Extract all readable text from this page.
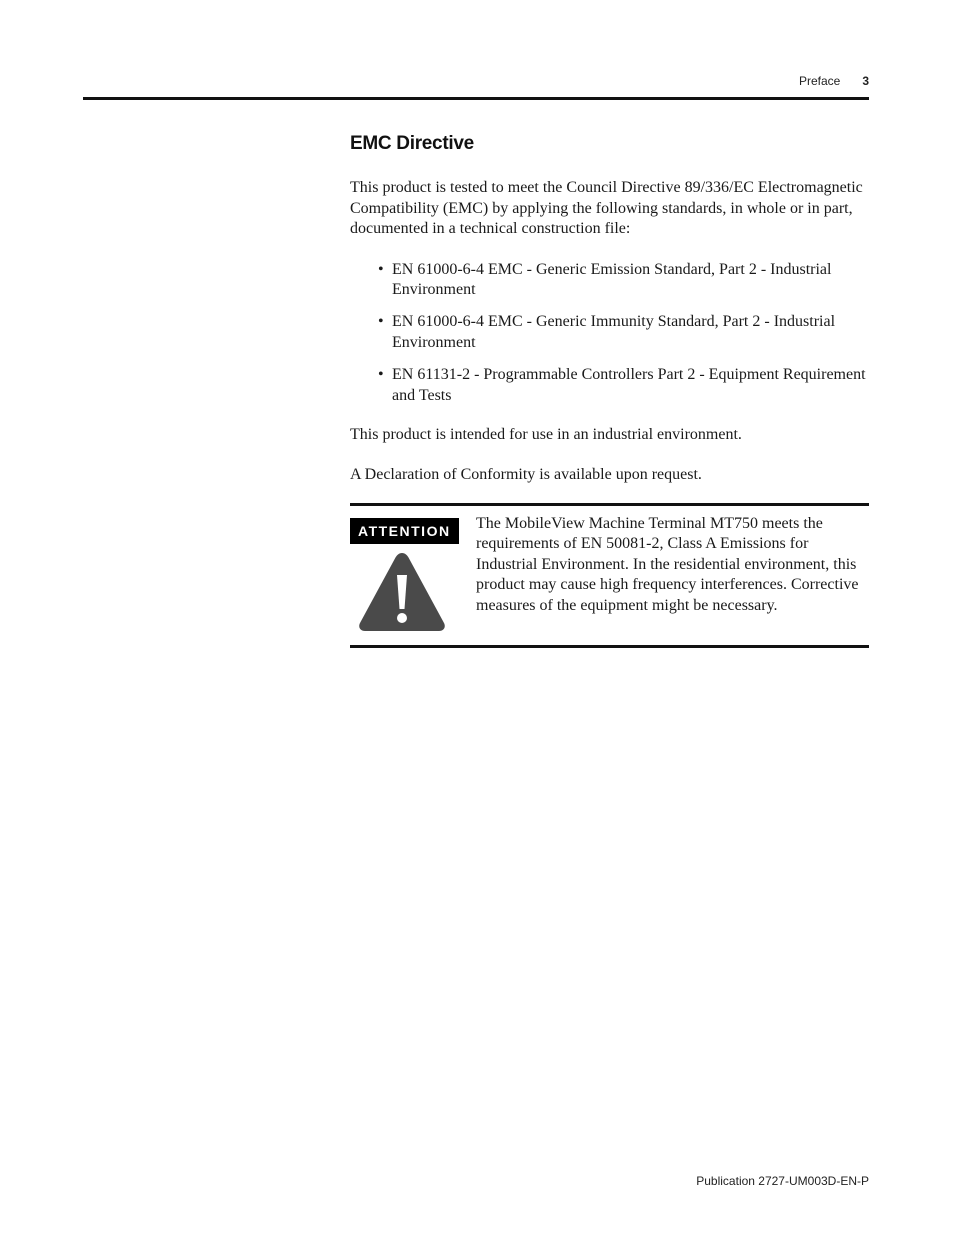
Preface 3
EMC Directive

This product is tested to meet the Council Directive 89/336/EC Electromagnetic Compatibility (EMC) by applying the following standards, in whole or in part, documented in a technical construction file:

• EN 61000-6-4 EMC - Generic Emission Standard, Part 2 - Industrial Environment
• EN 61000-6-4 EMC - Generic Immunity Standard, Part 2 - Industrial Environment
• EN 61131-2 - Programmable Controllers Part 2 - Equipment Requirement and Tests

This product is intended for use in an industrial environment.

A Declaration of Conformity is available upon request.

ATTENTION	The MobileView Machine Terminal MT750 meets the requirements of EN 50081-2, Class A Emissions for Industrial Environment. In the residential environment, this product may cause high frequency interferences. Corrective measures of the equipment might be necessary.
Publication 2727-UM003D-EN-P
